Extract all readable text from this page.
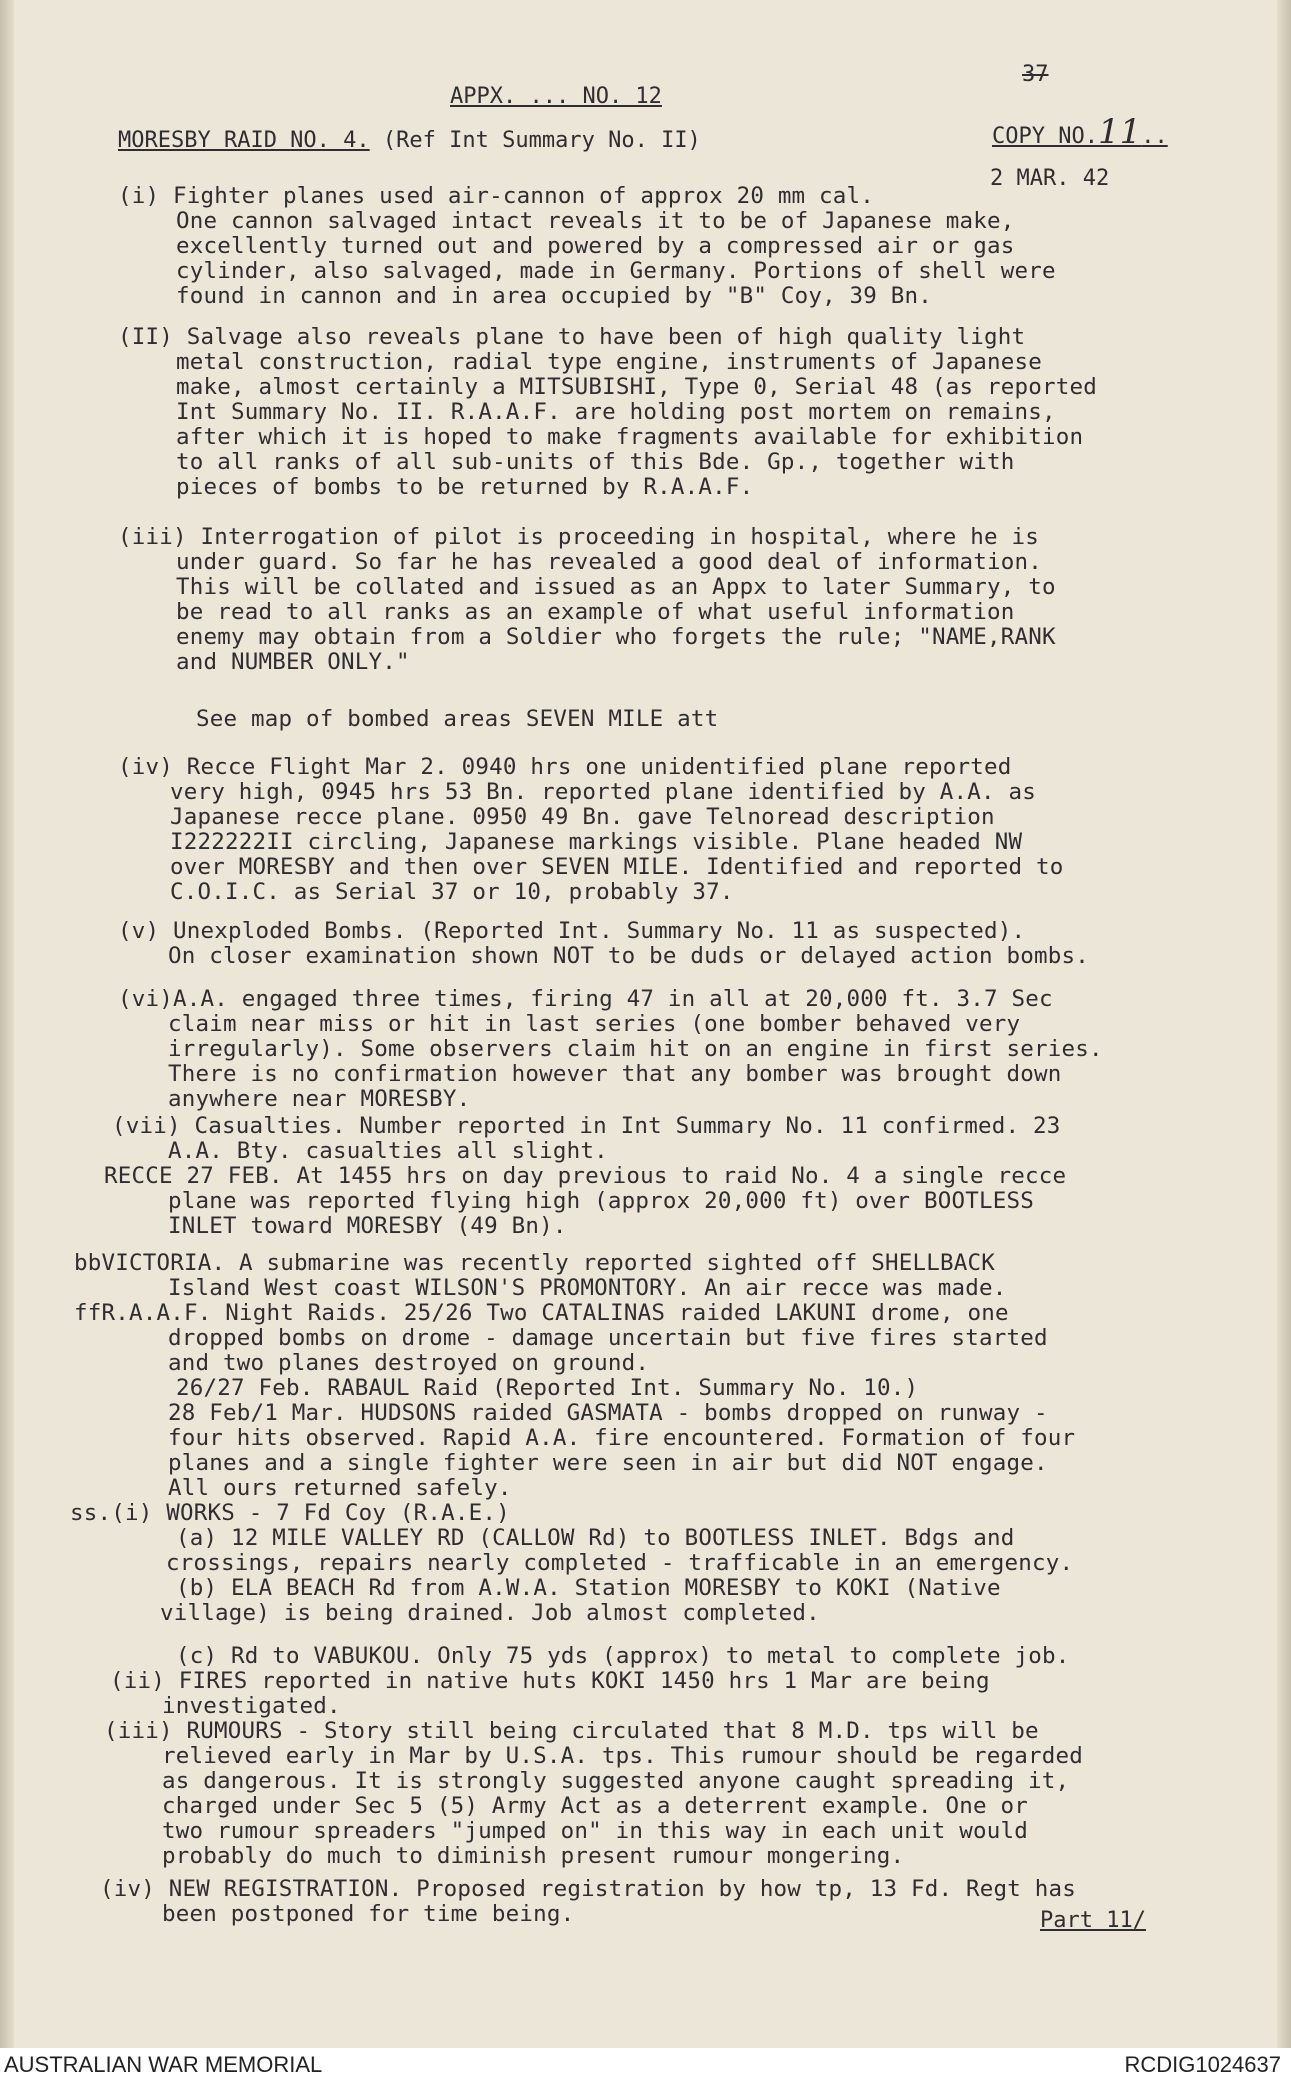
APPX. ... NO. 12
37
COPY NO.11..
2 MAR. 42
MORESBY RAID NO. 4. (Ref Int Summary No. II)
(i) Fighter planes used air-cannon of approx 20 mm cal.
One cannon salvaged intact reveals it to be of Japanese make,
excellently turned out and powered by a compressed air or gas
cylinder, also salvaged, made in Germany. Portions of shell were
found in cannon and in area occupied by "B" Coy, 39 Bn.
(II) Salvage also reveals plane to have been of high quality light
metal construction, radial type engine, instruments of Japanese
make, almost certainly a MITSUBISHI, Type 0, Serial 48 (as reported
Int Summary No. II. R.A.A.F. are holding post mortem on remains,
after which it is hoped to make fragments available for exhibition
to all ranks of all sub-units of this Bde. Gp., together with
pieces of bombs to be returned by R.A.A.F.
(iii) Interrogation of pilot is proceeding in hospital, where he is
under guard. So far he has revealed a good deal of information.
This will be collated and issued as an Appx to later Summary, to
be read to all ranks as an example of what useful information
enemy may obtain from a Soldier who forgets the rule; "NAME,RANK
and NUMBER ONLY."
See map of bombed areas SEVEN MILE att
(iv) Recce Flight Mar 2. 0940 hrs one unidentified plane reported
very high, 0945 hrs 53 Bn. reported plane identified by A.A. as
Japanese recce plane. 0950 49 Bn. gave Telnoread description
I222222II circling, Japanese markings visible. Plane headed NW
over MORESBY and then over SEVEN MILE. Identified and reported to
C.O.I.C. as Serial 37 or 10, probably 37.
(v) Unexploded Bombs. (Reported Int. Summary No. 11 as suspected).
On closer examination shown NOT to be duds or delayed action bombs.
(vi)A.A. engaged three times, firing 47 in all at 20,000 ft. 3.7 Sec
claim near miss or hit in last series (one bomber behaved very
irregularly). Some observers claim hit on an engine in first series.
There is no confirmation however that any bomber was brought down
anywhere near MORESBY.
(vii) Casualties. Number reported in Int Summary No. 11 confirmed. 23
A.A. Bty. casualties all slight.
RECCE 27 FEB. At 1455 hrs on day previous to raid No. 4 a single recce
plane was reported flying high (approx 20,000 ft) over BOOTLESS
INLET toward MORESBY (49 Bn).
bbVICTORIA. A submarine was recently reported sighted off SHELLBACK
Island West coast WILSON'S PROMONTORY. An air recce was made.
ffR.A.A.F. Night Raids. 25/26 Two CATALINAS raided LAKUNI drome, one
dropped bombs on drome - damage uncertain but five fires started
and two planes destroyed on ground.
26/27 Feb. RABAUL Raid (Reported Int. Summary No. 10.)
28 Feb/1 Mar. HUDSONS raided GASMATA - bombs dropped on runway -
four hits observed. Rapid A.A. fire encountered. Formation of four
planes and a single fighter were seen in air but did NOT engage.
All ours returned safely.
ss.(i) WORKS - 7 Fd Coy (R.A.E.)
(a) 12 MILE VALLEY RD (CALLOW Rd) to BOOTLESS INLET. Bdgs and
crossings, repairs nearly completed - trafficable in an emergency.
(b) ELA BEACH Rd from A.W.A. Station MORESBY to KOKI (Native
village) is being drained. Job almost completed.
(c) Rd to VABUKOU. Only 75 yds (approx) to metal to complete job.
(ii) FIRES reported in native huts KOKI 1450 hrs 1 Mar are being
investigated.
(iii) RUMOURS - Story still being circulated that 8 M.D. tps will be
relieved early in Mar by U.S.A. tps. This rumour should be regarded
as dangerous. It is strongly suggested anyone caught spreading it,
charged under Sec 5 (5) Army Act as a deterrent example. One or
two rumour spreaders "jumped on" in this way in each unit would
probably do much to diminish present rumour mongering.
(iv) NEW REGISTRATION. Proposed registration by how tp, 13 Fd. Regt has
been postponed for time being.	Part 11/
AUSTRALIAN WAR MEMORIAL	RCDIG1024637
